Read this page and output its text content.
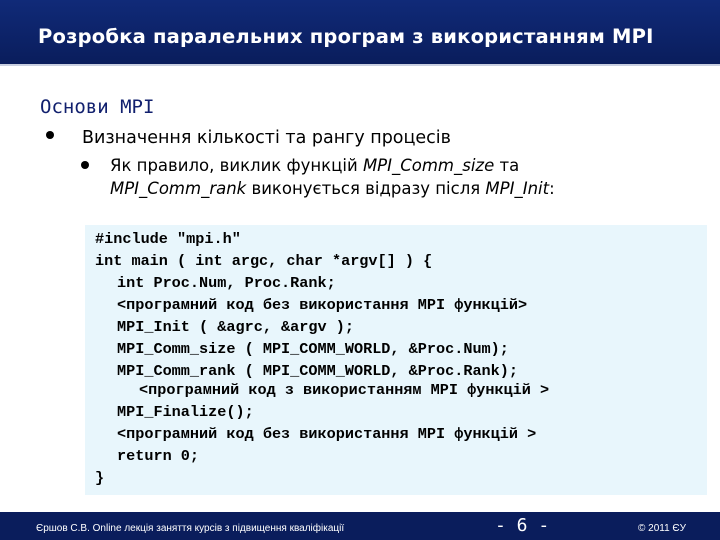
Розробка паралельних програм з використанням MPI
Основи MPI
Визначення кількості та рангу процесів
Як правило, виклик функцій MPI_Comm_size та
MPI_Comm_rank виконується відразу після MPI_Init:
#include "mpi.h"
int main ( int argc, char *argv[] ) {
int Proc.Num, Proc.Rank;
<програмний код без використання MPI функцій>
MPI_Init ( &agrc, &argv );
MPI_Comm_size ( MPI_COMM_WORLD, &Proc.Num);
MPI_Comm_rank ( MPI_COMM_WORLD, &Proc.Rank);
<програмний код з використанням MPI функцій >
MPI_Finalize();
<програмний код без використання MPI функцій >
return 0;
}
Єршов С.В. Online лекція заняття курсів з підвищення кваліфікації	- 6 -	© 2011 ЄУ
